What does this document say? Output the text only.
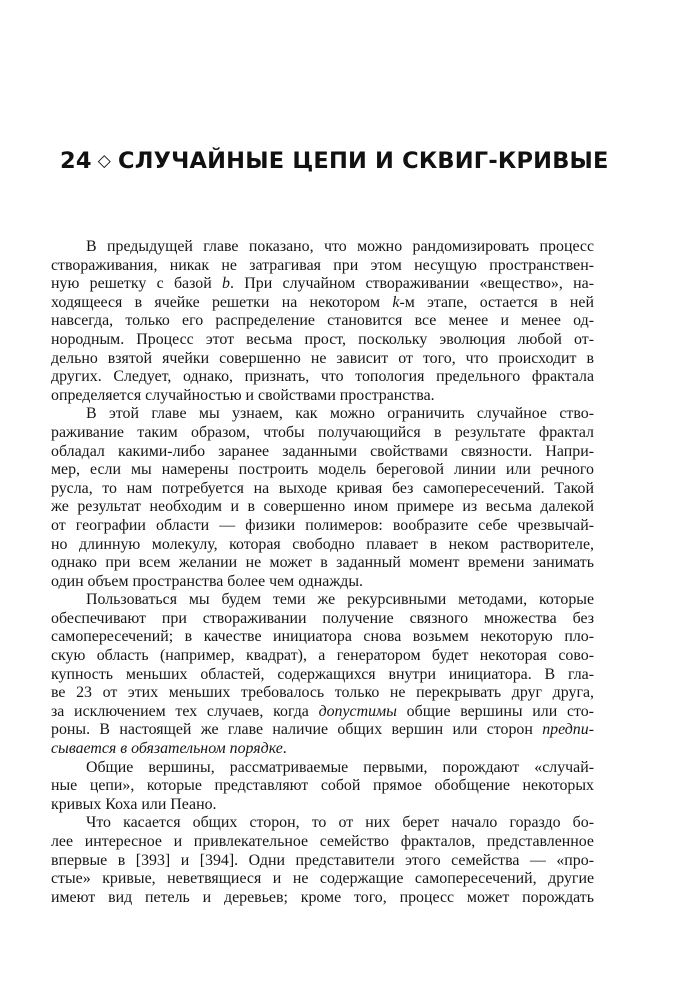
24 ◇ СЛУЧАЙНЫЕ ЦЕПИ И СКВИГ-КРИВЫЕ
В предыдущей главе показано, что можно рандомизировать процесс
створаживания, никак не затрагивая при этом несущую пространствен-
ную решетку с базой b. При случайном створаживании «вещество», на-
ходящееся в ячейке решетки на некотором k-м этапе, остается в ней
навсегда, только его распределение становится все менее и менее од-
нородным. Процесс этот весьма прост, поскольку эволюция любой от-
дельно взятой ячейки совершенно не зависит от того, что происходит в
других. Следует, однако, признать, что топология предельного фрактала
определяется случайностью и свойствами пространства.
В этой главе мы узнаем, как можно ограничить случайное ство-
раживание таким образом, чтобы получающийся в результате фрактал
обладал какими-либо заранее заданными свойствами связности. Напри-
мер, если мы намерены построить модель береговой линии или речного
русла, то нам потребуется на выходе кривая без самопересечений. Такой
же результат необходим и в совершенно ином примере из весьма далекой
от географии области — физики полимеров: вообразите себе чрезвычай-
но длинную молекулу, которая свободно плавает в неком растворителе,
однако при всем желании не может в заданный момент времени занимать
один объем пространства более чем однажды.
Пользоваться мы будем теми же рекурсивными методами, которые
обеспечивают при створаживании получение связного множества без
самопересечений; в качестве инициатора снова возьмем некоторую пло-
скую область (например, квадрат), а генератором будет некоторая сово-
купность меньших областей, содержащихся внутри инициатора. В гла-
ве 23 от этих меньших требовалось только не перекрывать друг друга,
за исключением тех случаев, когда допустимы общие вершины или сто-
роны. В настоящей же главе наличие общих вершин или сторон предпи-
сывается в обязательном порядке.
Общие вершины, рассматриваемые первыми, порождают «случай-
ные цепи», которые представляют собой прямое обобщение некоторых
кривых Коха или Пеано.
Что касается общих сторон, то от них берет начало гораздо бо-
лее интересное и привлекательное семейство фракталов, представленное
впервые в [393] и [394]. Одни представители этого семейства — «про-
стые» кривые, неветвящиеся и не содержащие самопересечений, другие
имеют вид петель и деревьев; кроме того, процесс может порождать
